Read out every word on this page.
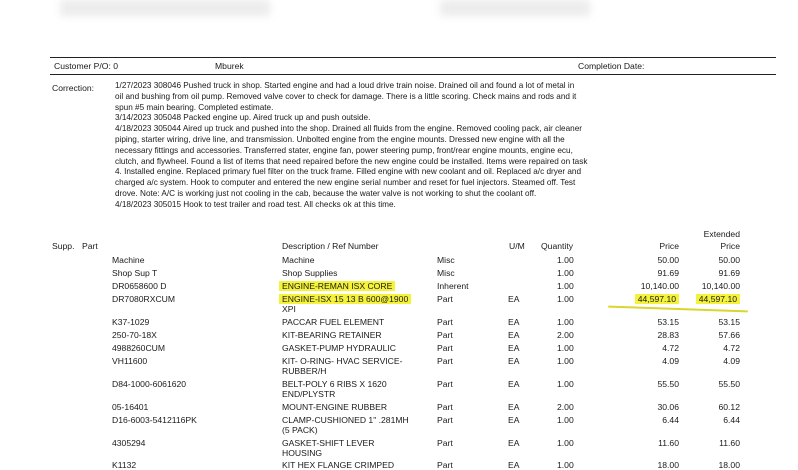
Customer P/O: 0	Mburek	Completion Date:
Correction:	1/27/2023 308046 Pushed truck in shop. Started engine and had a loud drive train noise. Drained oil and found a lot of metal in
oil and bushing from oil pump. Removed valve cover to check for damage. There is a little scoring. Check mains and rods and it
spun #5 main bearing. Completed estimate.
3/14/2023 305048 Packed engine up. Aired truck up and push outside.
4/18/2023 305044 Aired up truck and pushed into the shop. Drained all fluids from the engine. Removed cooling pack, air cleaner
piping, starter wiring, drive line, and transmission. Unbolted engine from the engine mounts. Dressed new engine with all the
necessary fittings and accessories. Transferred stater, engine fan, power steering pump, front/rear engine mounts, engine ecu,
clutch, and flywheel. Found a list of items that need repaired before the new engine could be installed. Items were repaired on task
4. Installed engine. Replaced primary fuel filter on the truck frame. Filled engine with new coolant and oil. Replaced a/c dryer and
charged a/c system. Hook to computer and entered the new engine serial number and reset for fuel injectors. Steamed off. Test
drove. Note: A/C is working just not cooling in the cab, because the water valve is not working to shut the coolant off.
4/18/2023 305015 Hook to test trailer and road test. All checks ok at this time.
Supp. Part	Description / Ref Number	U/M Quantity	Price
Extended
Price
Machine	Machine	Misc	1.00	50.00	50.00
Shop Sup T	Shop Supplies	Misc	1.00	91.69	91.69
DR0658600 D	ENGINE-REMAN ISX CORE	Inherent	1.00	10,140.00	10,140.00
DR7080RXCUM	ENGINE-ISX 15 13 B 600@1900
XPI
Part	EA	1.00	44,597.10	44,597.10
K37-1029	PACCAR FUEL ELEMENT	Part	EA	1.00	53.15	53.15
250-70-18X	KIT-BEARING RETAINER	Part	EA	2.00	28.83	57.66
4988260CUM	GASKET-PUMP HYDRAULIC	Part	EA	1.00	4.72	4.72
VH11600	KIT- O-RING- HVAC SERVICE-
RUBBER/H
Part	EA	1.00	4.09	4.09
D84-1000-6061620	BELT-POLY 6 RIBS X 1620
END/PLYSTR
Part	EA	1.00	55.50	55.50
05-16401	MOUNT-ENGINE RUBBER	Part	EA	2.00	30.06	60.12
D16-6003-5412116PK	CLAMP-CUSHIONED 1" .281MH
(5 PACK)
Part	EA	1.00	6.44	6.44
4305294	GASKET-SHIFT LEVER
HOUSING
Part	EA	1.00	11.60	11.60
K1132	KIT HEX FLANGE CRIMPED	Part	EA	1.00	18.00	18.00
